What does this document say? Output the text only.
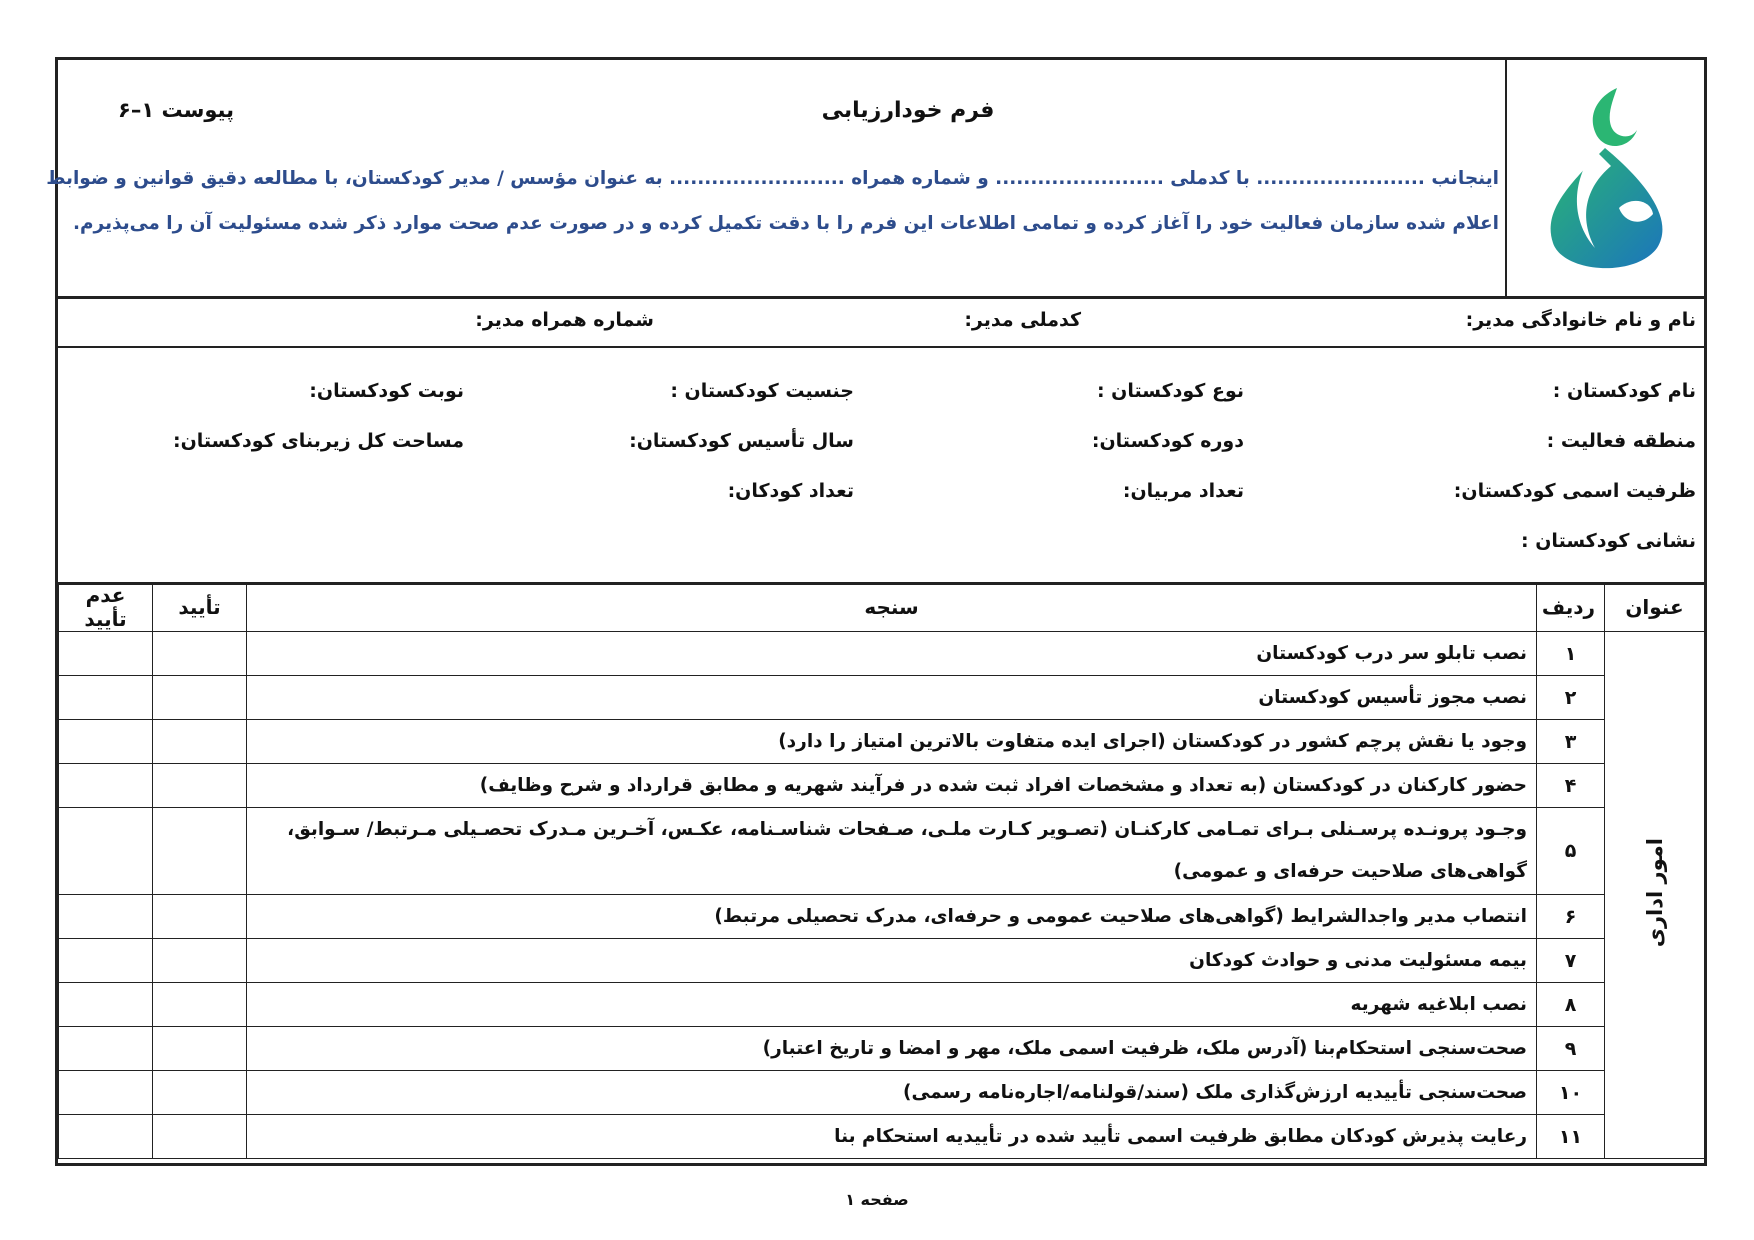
فرم خودارزیابی
پیوست ۱–۶
اینجانب ........................ با کدملی ........................ و شماره همراه ......................... به عنوان مؤسس / مدیر کودکستان، با مطالعه دقیق قوانین و ضوابط
اعلام شده سازمان فعالیت خود را آغاز کرده و تمامی اطلاعات این فرم را با دقت تکمیل کرده و در صورت عدم صحت موارد ذکر شده مسئولیت آن را می‌پذیرم.
نام و نام خانوادگی مدیر:
کدملی مدیر:
شماره همراه مدیر:
نام کودکستان :
نوع کودکستان :
جنسیت کودکستان :
نوبت کودکستان:
منطقه فعالیت :
دوره کودکستان:
سال تأسیس کودکستان:
مساحت کل زیربنای کودکستان:
ظرفیت اسمی کودکستان:
تعداد مربیان:
تعداد کودکان:
نشانی کودکستان :
عنوان	ردیف	سنجه	تأیید	عدم تأیید
امور اداری	۱	نصب تابلو سر درب کودکستان		
	۲	نصب مجوز تأسیس کودکستان		
	۳	وجود یا نقش پرچم کشور در کودکستان (اجرای ایده متفاوت بالاترین امتیاز را دارد)		
	۴	حضور کارکنان در کودکستان (به تعداد و مشخصات افراد ثبت شده در فرآیند شهریه و مطابق قرارداد و شرح وظایف)		
	۵	وجـود پرونـده پرسـنلی بـرای تمـامی کارکنـان (تصـویر کـارت ملـی، صـفحات شناسـنامه، عکـس، آخـرین مـدرک تحصـیلی مـرتبط/ سـوابق، گواهی‌های صلاحیت حرفه‌ای و عمومی)		
	۶	انتصاب مدیر واجدالشرایط (گواهی‌های صلاحیت عمومی و حرفه‌ای، مدرک تحصیلی مرتبط)		
	۷	بیمه مسئولیت مدنی و حوادث کودکان		
	۸	نصب ابلاغیه شهریه		
	۹	صحت‌سنجی استحکام‌بنا (آدرس ملک، ظرفیت اسمی ملک، مهر و امضا و تاریخ اعتبار)		
	۱۰	صحت‌سنجی تأییدیه ارزش‌گذاری ملک (سند/قولنامه/اجاره‌نامه رسمی)		
	۱۱	رعایت پذیرش کودکان مطابق ظرفیت اسمی تأیید شده در تأییدیه استحکام بنا		
صفحه ۱
